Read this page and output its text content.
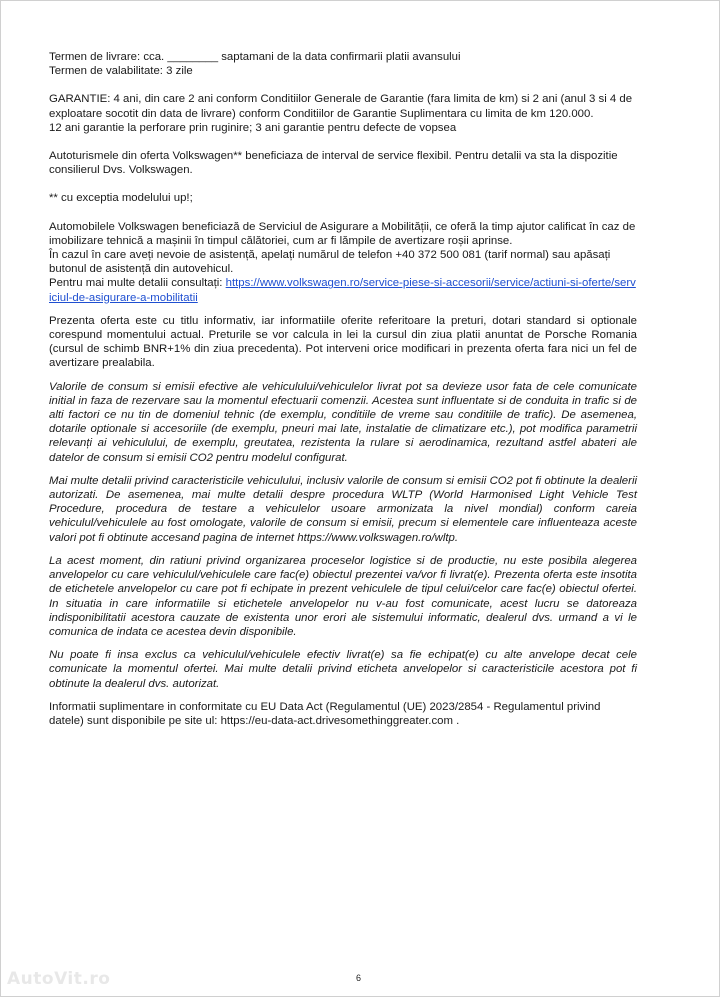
Termen de livrare: cca. ________ saptamani de la data confirmarii platii avansului

Termen de valabilitate: 3 zile

GARANTIE: 4 ani, din care 2 ani conform Conditiilor Generale de Garantie (fara limita de km) si 2 ani (anul 3 si 4 de exploatare socotit din data de livrare) conform Conditiilor de Garantie Suplimentara cu limita de km 120.000.

12 ani garantie la perforare prin ruginire; 3 ani garantie pentru defecte de vopsea

Autoturismele din oferta Volkswagen** beneficiaza de interval de service flexibil. Pentru detalii va sta la dispozitie consilierul Dvs. Volkswagen.

** cu exceptia modelului up!;

Automobilele Volkswagen beneficiază de Serviciul de Asigurare a Mobilității, ce oferă la timp ajutor calificat în caz de imobilizare tehnică a mașinii în timpul călătoriei, cum ar fi lămpile de avertizare roșii aprinse.

În cazul în care aveți nevoie de asistență, apelați numărul de telefon +40 372 500 081 (tarif normal) sau apăsați butonul de asistență din autovehicul.

Pentru mai multe detalii consultați: https://www.volkswagen.ro/service-piese-si-accesorii/service/actiuni-si-oferte/serviciul-de-asigurare-a-mobilitatii

Prezenta oferta este cu titlu informativ, iar informatiile oferite referitoare la preturi, dotari standard si optionale corespund momentului actual. Preturile se vor calcula in lei la cursul din ziua platii anuntat de Porsche Romania (cursul de schimb BNR+1% din ziua precedenta). Pot interveni orice modificari in prezenta oferta fara nici un fel de avertizare prealabila.

Valorile de consum si emisii efective ale vehiculului/vehiculelor livrat pot sa devieze usor fata de cele comunicate initial in faza de rezervare sau la momentul efectuarii comenzii. Acestea sunt influentate si de conduita in trafic si de alti factori ce nu tin de domeniul tehnic (de exemplu, conditiile de vreme sau conditiile de trafic). De asemenea, dotarile optionale si accesoriile (de exemplu, pneuri mai late, instalatie de climatizare etc.), pot modifica parametrii relevanți ai vehiculului, de exemplu, greutatea, rezistenta la rulare si aerodinamica, rezultand astfel abateri ale datelor de consum si emisii CO2 pentru modelul configurat.

Mai multe detalii privind caracteristicile vehiculului, inclusiv valorile de consum si emisii CO2 pot fi obtinute la dealerii autorizati. De asemenea, mai multe detalii despre procedura WLTP (World Harmonised Light Vehicle Test Procedure, procedura de testare a vehiculelor usoare armonizata la nivel mondial) conform careia vehiculul/vehiculele au fost omologate, valorile de consum si emisii, precum si elementele care influenteaza aceste valori pot fi obtinute accesand pagina de internet https://www.volkswagen.ro/wltp.

La acest moment, din ratiuni privind organizarea proceselor logistice si de productie, nu este posibila alegerea anvelopelor cu care vehiculul/vehiculele care fac(e) obiectul prezentei va/vor fi livrat(e). Prezenta oferta este insotita de etichetele anvelopelor cu care pot fi echipate in prezent vehiculele de tipul celui/celor care fac(e) obiectul ofertei. In situatia in care informatiile si etichetele anvelopelor nu v-au fost comunicate, acest lucru se datoreaza indisponibilitatii acestora cauzate de existenta unor erori ale sistemului informatic, dealerul dvs. urmand a vi le comunica de indata ce acestea devin disponibile.

Nu poate fi insa exclus ca vehiculul/vehiculele efectiv livrat(e) sa fie echipat(e) cu alte anvelope decat cele comunicate la momentul ofertei. Mai multe detalii privind eticheta anvelopelor si caracteristicile acestora pot fi obtinute la dealerul dvs. autorizat.

Informatii suplimentare in conformitate cu EU Data Act (Regulamentul (UE) 2023/2854 - Regulamentul privind datele) sunt disponibile pe site ul: https://eu-data-act.drivesomethinggreater.com .

6
AutoVit.ro
